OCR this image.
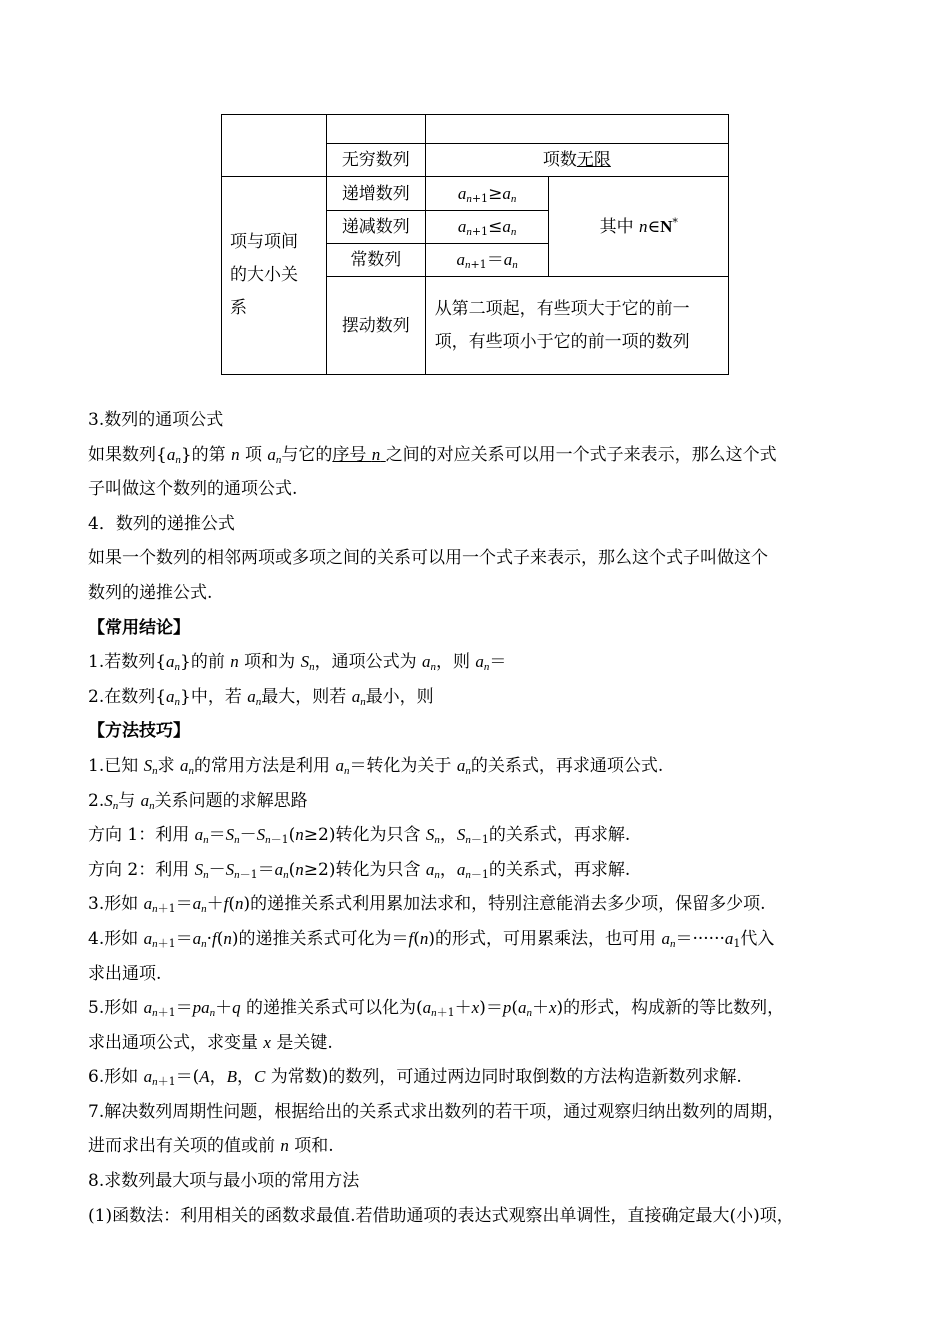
	无穷数列	项数无限	

项与项间的大小关系	递增数列	$a_{n+1}\ge a_n$	其中 n∈N*
	递减数列	$a_{n+1}\le a_n$
	常数列	$a_{n+1}=a_n$
	摆动数列	从第二项起，有些项大于它的前一项，有些项小于它的前一项的数列	
3.数列的通项公式
如果数列$\{a_n\}$的第 n 项 $a_n$与它的序号 n 之间的对应关系可以用一个式子来表示，那么这个式
子叫做这个数列的通项公式.
4．数列的递推公式
如果一个数列的相邻两项或多项之间的关系可以用一个式子来表示，那么这个式子叫做这个
数列的递推公式.
【常用结论】
1.若数列$\{a_n\}$的前 n 项和为 $S_n$，通项公式为 $a_n$，则 $a_n=$
2.在数列$\{a_n\}$中，若 $a_n$最大，则若 $a_n$最小，则
【方法技巧】
1.已知 $S_n$求 $a_n$的常用方法是利用 $a_n=$转化为关于 $a_n$的关系式，再求通项公式.
$2.S_n$与 $a_n$关系问题的求解思路
方向 1：利用 $a_n=S_n-S_{n-1}(n\ge 2)$转化为只含 $S_n$，$S_{n-1}$的关系式，再求解.
方向 2：利用 $S_n-S_{n-1}=a_n(n\ge 2)$转化为只含 $a_n$，$a_{n-1}$的关系式，再求解.
3.形如 $a_{n+1}=a_n+f(n)$的递推关系式利用累加法求和，特别注意能消去多少项，保留多少项.
4.形如 $a_{n+1}=a_n\cdot f(n)$的递推关系式可化为＝f(n)的形式，可用累乘法，也可用 $a_n=\cdot\cdot\cdot\cdot\cdot\cdot a_1$代入
求出通项.
5.形如 $a_{n+1}=pa_n+q$ 的递推关系式可以化为$(a_{n+1}+x)=p(a_n+x)$的形式，构成新的等比数列，
求出通项公式，求变量 x 是关键.
6.形如 $a_{n+1}=(A$，B，C 为常数)的数列，可通过两边同时取倒数的方法构造新数列求解.
7.解决数列周期性问题，根据给出的关系式求出数列的若干项，通过观察归纳出数列的周期，
进而求出有关项的值或前 n 项和.
8.求数列最大项与最小项的常用方法
(1)函数法：利用相关的函数求最值.若借助通项的表达式观察出单调性，直接确定最大(小)项，
